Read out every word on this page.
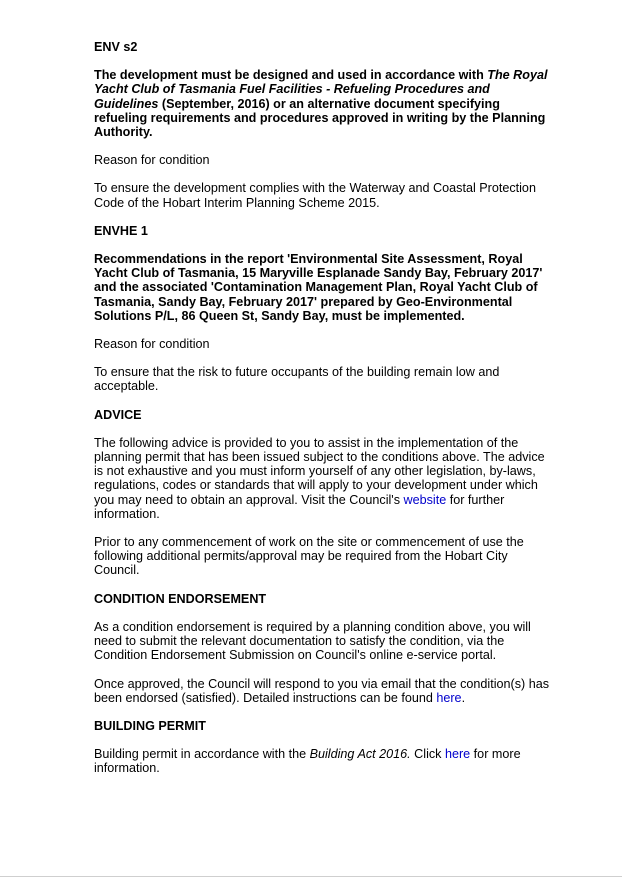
ENV s2
The development must be designed and used in accordance with The Royal Yacht Club of Tasmania Fuel Facilities - Refueling Procedures and Guidelines (September, 2016) or an alternative document specifying refueling requirements and procedures approved in writing by the Planning Authority.
Reason for condition
To ensure the development complies with the Waterway and Coastal Protection Code of the Hobart Interim Planning Scheme 2015.
ENVHE 1
Recommendations in the report 'Environmental Site Assessment, Royal Yacht Club of Tasmania, 15 Maryville Esplanade Sandy Bay, February 2017' and the associated 'Contamination Management Plan, Royal Yacht Club of Tasmania, Sandy Bay, February 2017' prepared by Geo-Environmental Solutions P/L, 86 Queen St, Sandy Bay, must be implemented.
Reason for condition
To ensure that the risk to future occupants of the building remain low and acceptable.
ADVICE
The following advice is provided to you to assist in the implementation of the planning permit that has been issued subject to the conditions above. The advice is not exhaustive and you must inform yourself of any other legislation, by-laws, regulations, codes or standards that will apply to your development under which you may need to obtain an approval. Visit the Council's website for further information.
Prior to any commencement of work on the site or commencement of use the following additional permits/approval may be required from the Hobart City Council.
CONDITION ENDORSEMENT
As a condition endorsement is required by a planning condition above, you will need to submit the relevant documentation to satisfy the condition, via the Condition Endorsement Submission on Council's online e-service portal.
Once approved, the Council will respond to you via email that the condition(s) has been endorsed (satisfied). Detailed instructions can be found here.
BUILDING PERMIT
Building permit in accordance with the Building Act 2016. Click here for more information.
